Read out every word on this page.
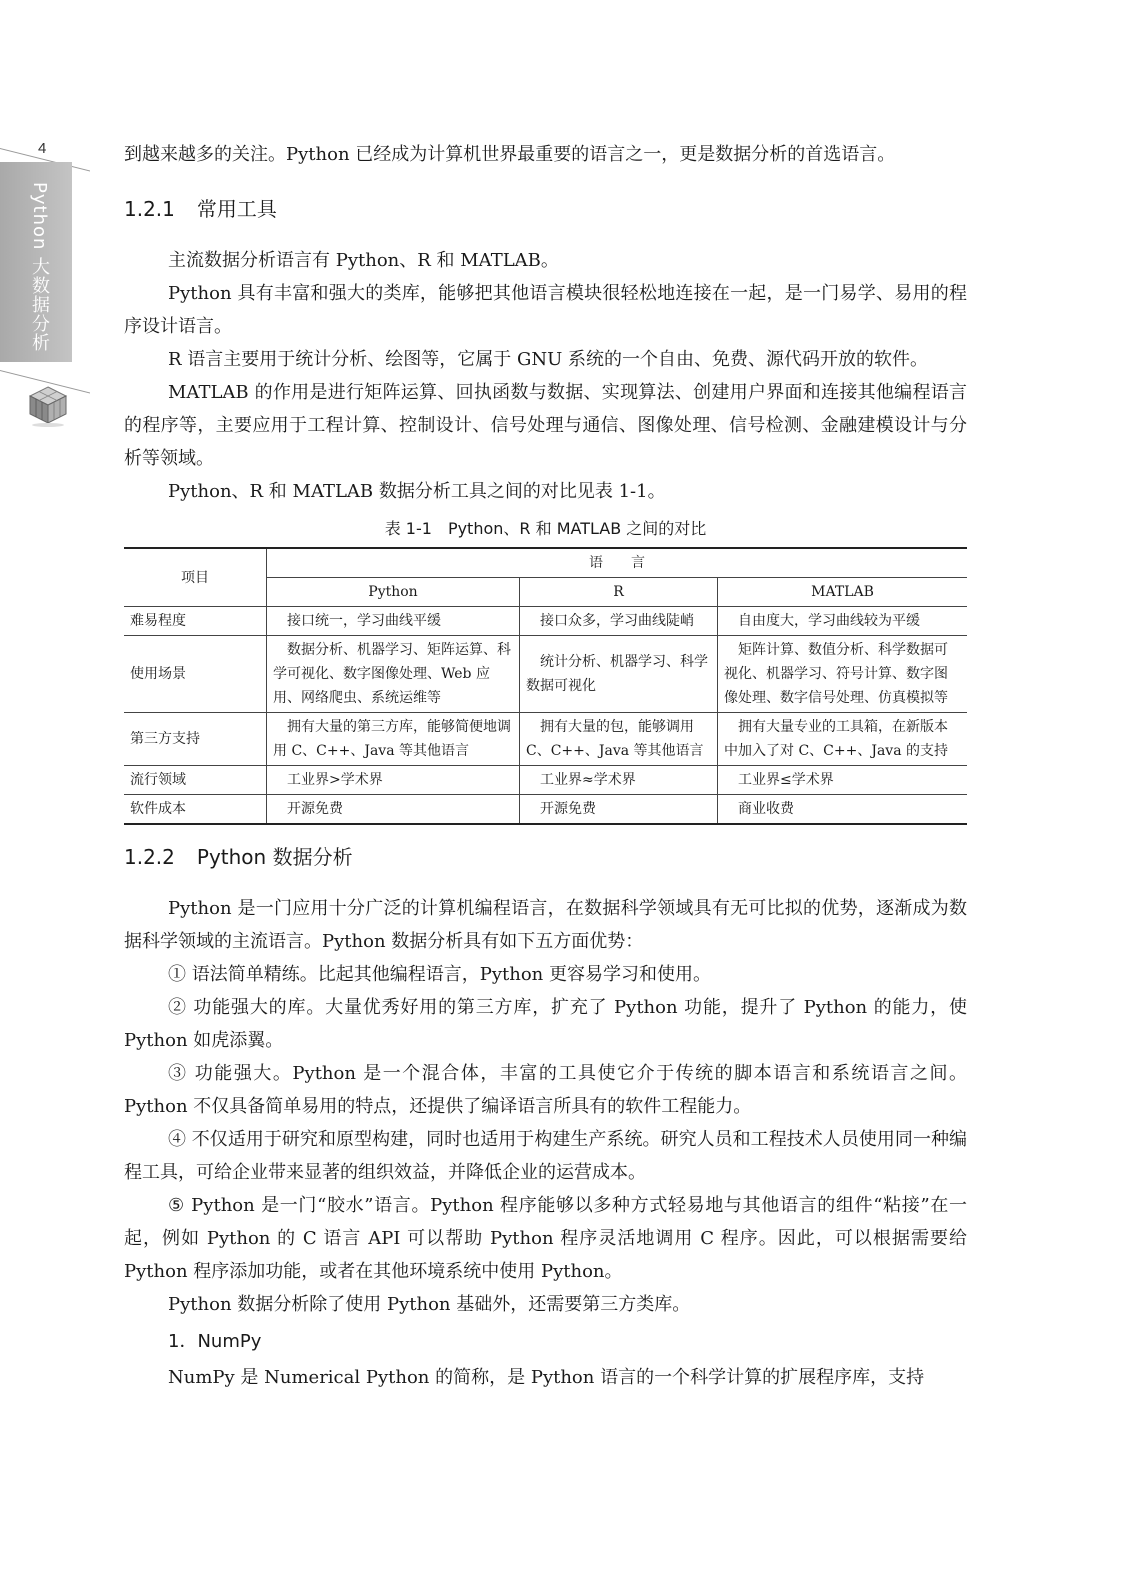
4
Python 大数据分析

到越来越多的关注。Python 已经成为计算机世界最重要的语言之一，更是数据分析的首选语言。

1.2.1 常用工具

主流数据分析语言有 Python、R 和 MATLAB。

Python 具有丰富和强大的类库，能够把其他语言模块很轻松地连接在一起，是一门易学、易用的程序设计语言。

R 语言主要用于统计分析、绘图等，它属于 GNU 系统的一个自由、免费、源代码开放的软件。

MATLAB 的作用是进行矩阵运算、回执函数与数据、实现算法、创建用户界面和连接其他编程语言的程序等，主要应用于工程计算、控制设计、信号处理与通信、图像处理、信号检测、金融建模设计与分析等领域。

Python、R 和 MATLAB 数据分析工具之间的对比见表 1-1。

表 1-1　Python、R 和 MATLAB 之间的对比
项目	语　　言		
	Python	R	MATLAB
难易程度	接口统一，学习曲线平缓	接口众多，学习曲线陡峭	自由度大，学习曲线较为平缓
使用场景	数据分析、机器学习、矩阵运算、科学可视化、数字图像处理、Web 应用、网络爬虫、系统运维等	统计分析、机器学习、科学数据可视化	矩阵计算、数值分析、科学数据可视化、机器学习、符号计算、数字图像处理、数字信号处理、仿真模拟等
第三方支持	拥有大量的第三方库，能够简便地调用 C、C++、Java 等其他语言	拥有大量的包，能够调用 C、C++、Java 等其他语言	拥有大量专业的工具箱，在新版本中加入了对 C、C++、Java 的支持
流行领域	工业界>学术界	工业界≈学术界	工业界≤学术界
软件成本	开源免费	开源免费	商业收费
1.2.2 Python 数据分析

Python 是一门应用十分广泛的计算机编程语言，在数据科学领域具有无可比拟的优势，逐渐成为数据科学领域的主流语言。Python 数据分析具有如下五方面优势：

① 语法简单精练。比起其他编程语言，Python 更容易学习和使用。

② 功能强大的库。大量优秀好用的第三方库，扩充了 Python 功能，提升了 Python 的能力，使 Python 如虎添翼。

③ 功能强大。Python 是一个混合体，丰富的工具使它介于传统的脚本语言和系统语言之间。Python 不仅具备简单易用的特点，还提供了编译语言所具有的软件工程能力。

④ 不仅适用于研究和原型构建，同时也适用于构建生产系统。研究人员和工程技术人员使用同一种编程工具，可给企业带来显著的组织效益，并降低企业的运营成本。

⑤ Python 是一门“胶水”语言。Python 程序能够以多种方式轻易地与其他语言的组件“粘接”在一起，例如 Python 的 C 语言 API 可以帮助 Python 程序灵活地调用 C 程序。因此，可以根据需要给 Python 程序添加功能，或者在其他环境系统中使用 Python。

Python 数据分析除了使用 Python 基础外，还需要第三方类库。

1．NumPy

NumPy 是 Numerical Python 的简称，是 Python 语言的一个科学计算的扩展程序库，支持
